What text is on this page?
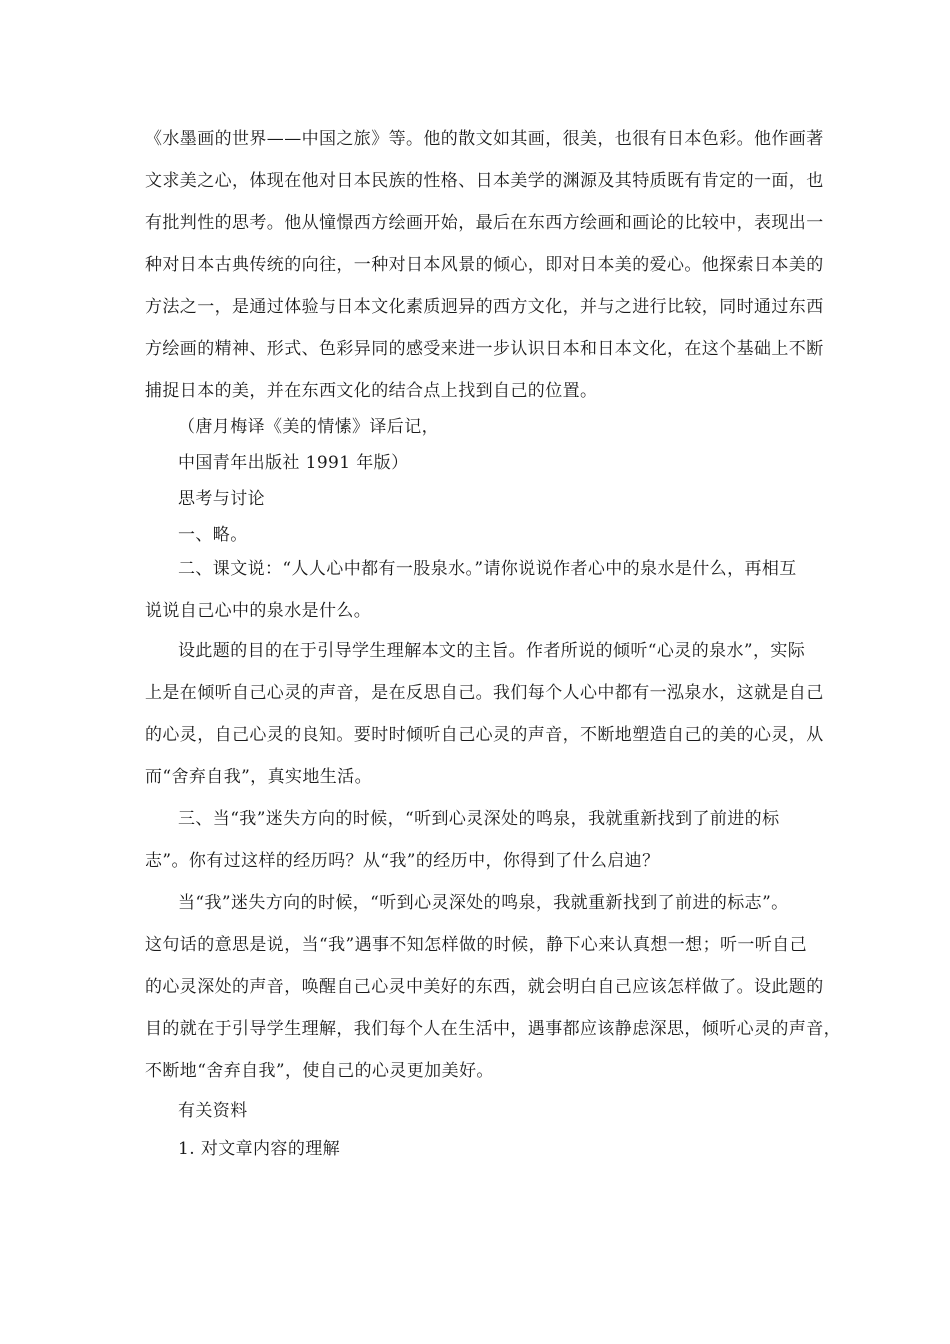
《水墨画的世界——中国之旅》等。他的散文如其画，很美，也很有日本色彩。他作画著
文求美之心，体现在他对日本民族的性格、日本美学的渊源及其特质既有肯定的一面，也
有批判性的思考。他从憧憬西方绘画开始，最后在东西方绘画和画论的比较中，表现出一
种对日本古典传统的向往，一种对日本风景的倾心，即对日本美的爱心。他探索日本美的
方法之一，是通过体验与日本文化素质迥异的西方文化，并与之进行比较，同时通过东西
方绘画的精神、形式、色彩异同的感受来进一步认识日本和日本文化，在这个基础上不断
捕捉日本的美，并在东西文化的结合点上找到自己的位置。
（唐月梅译《美的情愫》译后记，
中国青年出版社 1991 年版）
思考与讨论
一、略。
二、课文说：“人人心中都有一股泉水。”请你说说作者心中的泉水是什么，再相互
说说自己心中的泉水是什么。
设此题的目的在于引导学生理解本文的主旨。作者所说的倾听“心灵的泉水”，实际
上是在倾听自己心灵的声音，是在反思自己。我们每个人心中都有一泓泉水，这就是自己
的心灵，自己心灵的良知。要时时倾听自己心灵的声音，不断地塑造自己的美的心灵，从
而“舍弃自我”，真实地生活。
三、当“我”迷失方向的时候，“听到心灵深处的鸣泉，我就重新找到了前进的标
志”。你有过这样的经历吗？从“我”的经历中，你得到了什么启迪？
当“我”迷失方向的时候，“听到心灵深处的鸣泉，我就重新找到了前进的标志”。
这句话的意思是说，当“我”遇事不知怎样做的时候，静下心来认真想一想；听一听自己
的心灵深处的声音，唤醒自己心灵中美好的东西，就会明白自己应该怎样做了。设此题的
目的就在于引导学生理解，我们每个人在生活中，遇事都应该静虑深思，倾听心灵的声音，
不断地“舍弃自我”，使自己的心灵更加美好。
有关资料
1. 对文章内容的理解
